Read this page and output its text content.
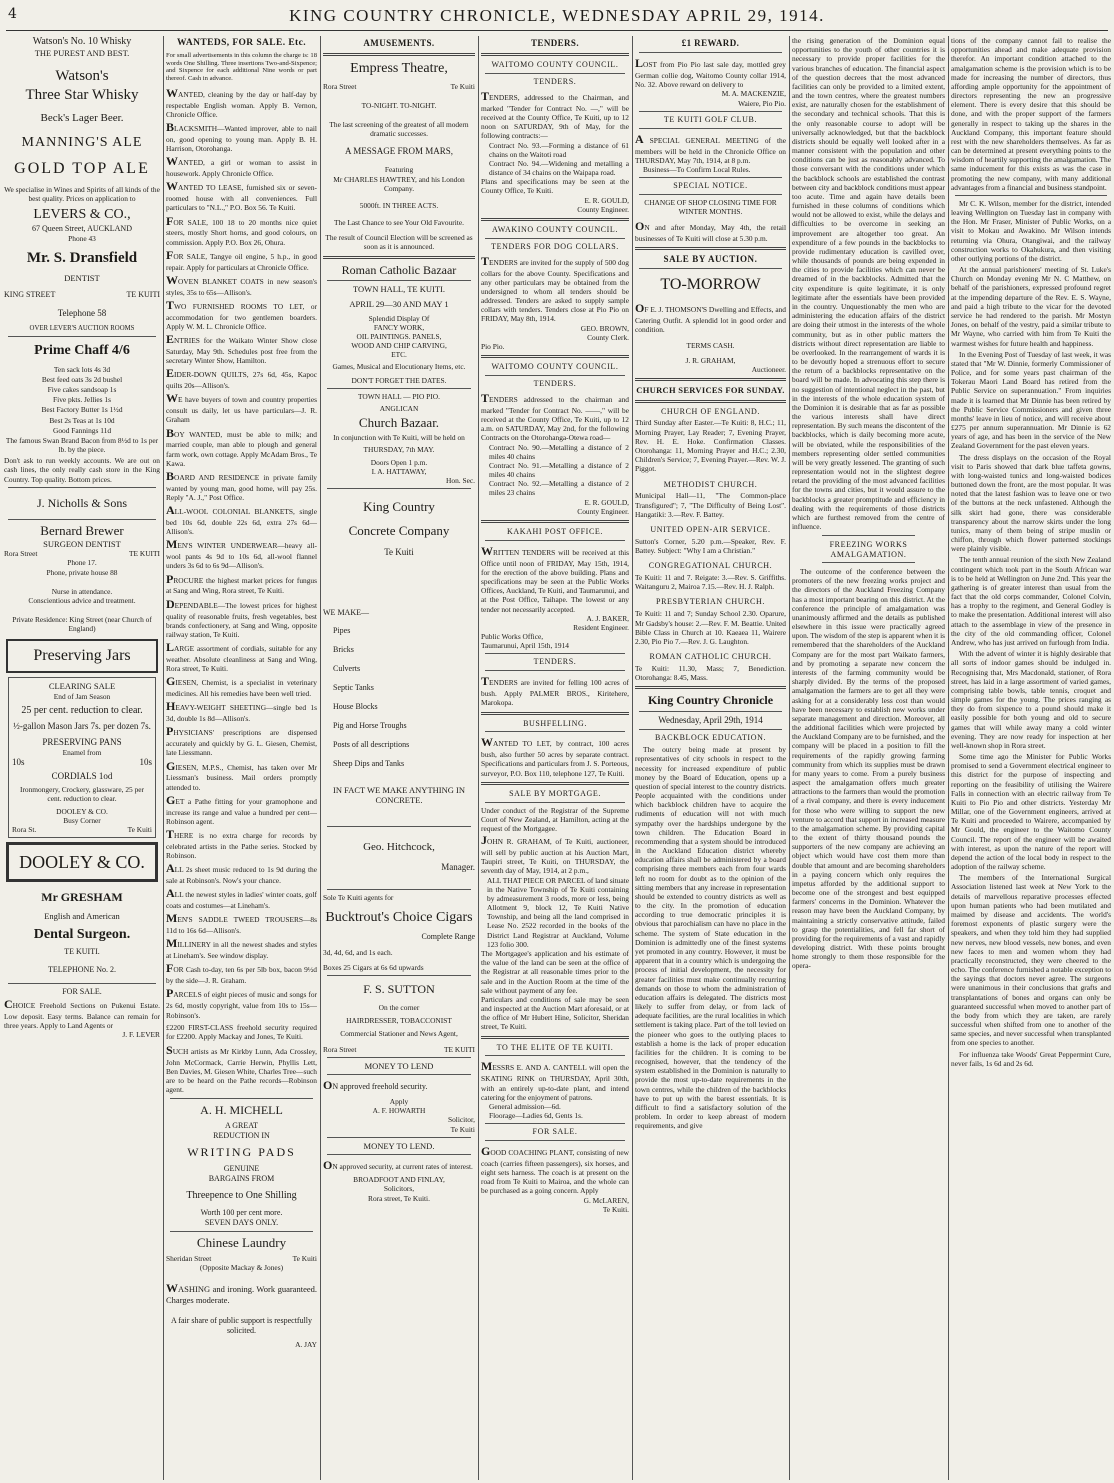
4	KING COUNTRY CHRONICLE, WEDNESDAY APRIL 29, 1914.
Watson's No. 10 Whisky
THE PUREST AND BEST.
Watson's
Three Star Whisky
Beck's Lager Beer.
MANNING'S ALE
GOLD TOP ALE
We specialise in Wines and Spirits of all kinds of the best quality. Prices on application to
LEVERS & CO.,
67 Queen Street, AUCKLAND
Phone 43
Mr. S. Dransfield
DENTIST
KING STREET	TE KUITI
Telephone 58
OVER LEVER'S AUCTION ROOMS
Prime Chaff 4/6
Ten sack lots 4s 3d
Best feed oats 3s 2d bushel
Five cakes sandsoap 1s
Five pkts. Jellies 1s
Best Factory Butter 1s 1½d
Best 2s Teas at 1s 10d
Good Fannings 11d
The famous Swan Brand Bacon from 8½d to 1s per lb. by the piece.
Don't ask to run weekly accounts. We are out on cash lines, the only really cash store in the King Country. Top quality. Bottom prices.
J. Nicholls & Sons
Bernard Brewer
SURGEON DENTIST
Rora Street	TE KUITI
Phone 17.
Phone, private house 88
Nurse in attendance.
Conscientious advice and treatment.
Private Residence: King Street (near Church of England)
Preserving Jars
CLEARING SALE
End of Jam Season
25 per cent. reduction to clear.
½-gallon Mason Jars 7s. per dozen 7s.
PRESERVING PANS
Enamel from
10s	10s
CORDIALS 1od
Ironmongery, Crockery, glassware, 25 per cent. reduction to clear.
DOOLEY & CO.
Busy Corner
Rora St.	Te Kuiti
DOOLEY & CO.
Mr GRESHAM
English and American
Dental Surgeon.
TE KUITI.
TELEPHONE No. 2.
FOR SALE.
CHOICE Freehold Sections on Pukenui Estate. Low deposit. Easy terms. Balance can remain for three years. Apply to Land Agents or
J. F. LEVER
WANTEDS, FOR SALE. Etc.
For small advertisements in this column the charge is: 18 words One Shilling. Three insertions Two-and-Sixpence; and Sixpence for each additional Nine words or part thereof. Cash in advance.
WANTED, cleaning by the day or half-day by respectable English woman. Apply B. Vernon, Chronicle Office.
BLACKSMITH—Wanted improver, able to nail on, good opening to young man. Apply B. H. Harrison, Otorohanga.
WANTED, a girl or woman to assist in housework. Apply Chronicle Office.
WANTED TO LEASE, furnished six or seven-roomed house with all conveniences. Full particulars to "N.L.," P.O. Box 56. Te Kuiti.
FOR SALE, 100 18 to 20 months nice quiet steers, mostly Short horns, and good colours, on commission. Apply P.O. Box 26, Ohura.
FOR SALE, Tangye oil engine, 5 h.p., in good repair. Apply for particulars at Chronicle Office.
WOVEN BLANKET COATS in new season's styles, 35s to 65s—Allison's.
TWO FURNISHED ROOMS TO LET, or accommodation for two gentlemen boarders. Apply W. M. L. Chronicle Office.
ENTRIES for the Waikato Winter Show close Saturday, May 9th. Schedules post free from the secretary Winter Show, Hamilton.
EIDER-DOWN QUILTS, 27s 6d, 45s, Kapoc quilts 20s—Allison's.
WE have buyers of town and country properties consult us daily, let us have particulars—J. R. Graham
BOY WANTED, must be able to milk; and married couple, man able to plough and general farm work, own cottage. Apply McAdam Bros., Te Kawa.
BOARD AND RESIDENCE in private family wanted by young man, good home, will pay 25s. Reply "A. J.," Post Office.
ALL-WOOL COLONIAL BLANKETS, single bed 10s 6d, double 22s 6d, extra 27s 6d—Allison's.
MEN'S WINTER UNDERWEAR—heavy all-wool pants 4s 9d to 10s 6d, all-wool flannel unders 3s 6d to 6s 9d—Allison's.
PROCURE the highest market prices for fungus at Sang and Wing, Rora street, Te Kuiti.
DEPENDABLE—The lowest prices for highest quality of reasonable fruits, fresh vegetables, best brands confectionery, at Sang and Wing, opposite railway station, Te Kuiti.
LARGE assortment of cordials, suitable for any weather. Absolute cleanliness at Sang and Wing, Rora street, Te Kuiti.
GIESEN, Chemist, is a specialist in veterinary medicines. All his remedies have been well tried.
HEAVY-WEIGHT SHEETING—single bed 1s 3d, double 1s 8d—Allison's.
PHYSICIANS' prescriptions are dispensed accurately and quickly by G. L. Giesen, Chemist, late Liessmann.
GIESEN, M.P.S., Chemist, has taken over Mr Liessman's business. Mail orders promptly attended to.
GET a Pathe fitting for your gramophone and increase its range and value a hundred per cent—Robinson agent.
THERE is no extra charge for records by celebrated artists in the Pathe series. Stocked by Robinson.
ALL 2s sheet music reduced to 1s 9d during the sale at Robinson's. Now's your chance.
ALL the newest styles in ladies' winter coats, golf coats and costumes—at Lineham's.
MEN'S SADDLE TWEED TROUSERS—8s 11d to 16s 6d—Allison's.
MILLINERY in all the newest shades and styles at Lineham's. See window display.
FOR Cash to-day, ten 6s per 5lb box, bacon 9½d by the side—J. R. Graham.
PARCELS of eight pieces of music and songs for 2s 6d, mostly copyright, value from 10s to 15s—Robinson's.
£2200 FIRST-CLASS freehold security required for £2200. Apply Mackay and Jones, Te Kuiti.
SUCH artists as Mr Kirkby Lunn, Ada Crossley, John McCormack, Carrie Herwin, Phyllis Lett, Ben Davies, M. Giesen White, Charles Tree—such are to be heard on the Pathe records—Robinson agent.
A. H. MICHELL
A GREAT
REDUCTION IN
WRITING PADS
GENUINE
BARGAINS FROM
Threepence to One Shilling
Worth 100 per cent more.
SEVEN DAYS ONLY.
Chinese Laundry
Sheridan Street	Te Kuiti
(Opposite Mackay & Jones)
WASHING and ironing. Work guaranteed. Charges moderate.
A fair share of public support is respectfully solicited.
A. JAY
AMUSEMENTS.
Empress Theatre,
Rora Street	Te Kuiti
TO-NIGHT. TO-NIGHT.
The last screening of the greatest of all modern dramatic successes.
A MESSAGE FROM MARS,
Featuring
Mr CHARLES HAWTREY, and his London Company.
5000ft. IN THREE ACTS.
The Last Chance to see Your Old Favourite.
The result of Council Election will be screened as soon as it is announced.
Roman Catholic Bazaar
TOWN HALL, TE KUITI.
APRIL 29—30 AND MAY 1
Splendid Display Of
FANCY WORK,
OIL PAINTINGS. PANELS,
WOOD AND CHIP CARVING,
ETC.
Games, Musical and Elocutionary Items, etc.
DON'T FORGET THE DATES.
TOWN HALL — PIO PIO.
ANGLICAN
Church Bazaar.
In conjunction with Te Kuiti, will be held on
THURSDAY, 7th MAY.
Doors Open 1 p.m.
I. A. HATTAWAY,
Hon. Sec.
King Country
Concrete Company
Te Kuiti
WE MAKE—
Pipes
Bricks
Culverts
Septic Tanks
House Blocks
Pig and Horse Troughs
Posts of all descriptions
Sheep Dips and Tanks
IN FACT WE MAKE ANYTHING IN CONCRETE.
Geo. Hitchcock,
Manager.
Sole Te Kuiti agents for
Bucktrout's Choice Cigars
Complete Range
3d, 4d, 6d, and 1s each.
Boxes 25 Cigars at 6s 6d upwards
F. S. SUTTON
On the corner
HAIRDRESSER, TOBACCONIST
Commercial Stationer and News Agent,
Rora Street	TE KUITI
MONEY TO LEND
ON approved freehold security.
Apply
A. F. HOWARTH
Solicitor,
Te Kuiti
MONEY TO LEND.
ON approved security, at current rates of interest.
BROADFOOT AND FINLAY,
Solicitors,
Rora street, Te Kuiti.
TENDERS.
WAITOMO COUNTY COUNCIL.
TENDERS.
TENDERS, addressed to the Chairman, and marked "Tender for Contract No. —," will be received at the County Office, Te Kuiti, up to 12 noon on SATURDAY, 9th of May, for the following contracts:—
Contract No. 93.—Forming a distance of 61 chains on the Waitoti road
Contract No. 94.—Widening and metalling a distance of 34 chains on the Waipapa road.
Plans and specifications may be seen at the County Office, Te Kuiti.
E. R. GOULD,
County Engineer.
AWAKINO COUNTY COUNCIL.
TENDERS FOR DOG COLLARS.
TENDERS are invited for the supply of 500 dog collars for the above County. Specifications and any other particulars may be obtained from the undersigned to whom all tenders should be addressed. Tenders are asked to supply sample collars with tenders. Tenders close at Pio Pio on FRIDAY, May 8th, 1914.
GEO. BROWN,
County Clerk.
Pio Pio.
WAITOMO COUNTY COUNCIL.
TENDERS.
TENDERS addressed to the chairman and marked "Tender for Contract No. ——," will be received at the County Office, Te Kuiti, up to 12 a.m. on SATURDAY, May 2nd, for the following Contracts on the Otorohanga-Otewa road—
Contract No. 90.—Metalling a distance of 2 miles 40 chains
Contract No. 91.—Metalling a distance of 2 miles 40 chains
Contract No. 92.—Metalling a distance of 2 miles 23 chains
E. R. GOULD,
County Engineer.
KAKAHI POST OFFICE.
WRITTEN TENDERS will be received at this Office until noon of FRIDAY, May 15th, 1914, for the erection of the above building. Plans and specifications may be seen at the Public Works Offices, Auckland, Te Kuiti, and Taumarunui, and at the Post Office, Taihape. The lowest or any tender not necessarily accepted.
A. J. BAKER,
Resident Engineer.
Public Works Office,
Taumarunui, April 15th, 1914
TENDERS.
TENDERS are invited for felling 100 acres of bush. Apply PALMER BROS., Kiritehere, Marokopa.
BUSHFELLING.
WANTED TO LET, by contract, 100 acres bush, also further 50 acres by separate contract. Specifications and particulars from J. S. Porteous, surveyor, P.O. Box 110, telephone 127, Te Kuiti.
SALE BY MORTGAGE.
Under conduct of the Registrar of the Supreme Court of New Zealand, at Hamilton, acting at the request of the Mortgagee.
JOHN R. GRAHAM, of Te Kuiti, auctioneer, will sell by public auction at his Auction Mart, Taupiri street, Te Kuiti, on THURSDAY, the seventh day of May, 1914, at 2 p.m.,
ALL THAT PIECE OR PARCEL of land situate in the Native Township of Te Kuiti containing by admeasurement 3 roods, more or less, being Allotment 9, block 12, Te Kuiti Native Township, and being all the land comprised in Lease No. 2522 recorded in the books of the District Land Registrar at Auckland, Volume 123 folio 300.
The Mortgagee's application and his estimate of the value of the land can be seen at the office of the Registrar at all reasonable times prior to the sale and in the Auction Room at the time of the sale without payment of any fee.
Particulars and conditions of sale may be seen and inspected at the Auction Mart aforesaid, or at the office of Mr Hubert Hine, Solicitor, Sheridan street, Te Kuiti.
TO THE ELITE OF TE KUITI.
MESSRS E. AND A. CANTELL will open the SKATING RINK on THURSDAY, April 30th, with an entirely up-to-date plant, and intend catering for the enjoyment of patrons.
General admission—6d.
Floorage—Ladies 6d, Gents 1s.
FOR SALE.
GOOD COACHING PLANT, consisting of new coach (carries fifteen passengers), six horses, and eight sets harness. The coach is at present on the road from Te Kuiti to Mairoa, and the whole can be purchased as a going concern. Apply
G. McLAREN,
Te Kuiti.
£1 REWARD.
LOST from Pio Pio last sale day, mottled grey German collie dog, Waitomo County collar 1914, No. 32. Above reward on delivery to
M. A. MACKENZIE,
Waiere, Pio Pio.
TE KUITI GOLF CLUB.
A SPECIAL GENERAL MEETING of the members will be held in the Chronicle Office on THURSDAY, May 7th, 1914, at 8 p.m.
Business—To Confirm Local Rules.
SPECIAL NOTICE.
CHANGE OF SHOP CLOSING TIME FOR WINTER MONTHS.
ON and after Monday, May 4th, the retail businesses of Te Kuiti will close at 5.30 p.m.
SALE BY AUCTION.
TO-MORROW
OF E. J. THOMSON'S Dwelling and Effects, and Catering Outfit. A splendid lot in good order and condition.
TERMS CASH.
J. R. GRAHAM,
Auctioneer.
CHURCH SERVICES FOR SUNDAY.
CHURCH OF ENGLAND.
Third Sunday after Easter.—Te Kuiti: 8, H.C.; 11, Morning Prayer, Lay Reader; 7, Evening Prayer, Rev. H. E. Hoke. Confirmation Classes. Otorohanga: 11, Morning Prayer and H.C.; 2.30, Children's Service; 7, Evening Prayer.—Rev. W. J. Piggot.
METHODIST CHURCH.
Municipal Hall—11, "The Common-place Transfigured"; 7, "The Difficulty of Being Lost". Hangatiki: 3.—Rev. F. Battey.
UNITED OPEN-AIR SERVICE.
Sutton's Corner, 5.20 p.m.—Speaker, Rev. F. Battey. Subject: "Why I am a Christian."
CONGREGATIONAL CHURCH.
Te Kuiti: 11 and 7. Reigate: 3.—Rev. S. Griffiths. Waitanguru 2, Mairoa 7.15.—Rev. H. J. Ralph.
PRESBYTERIAN CHURCH.
Te Kuiti: 11 and 7; Sunday School 2.30. Oparure, Mr Gadsby's house: 2.—Rev. F. M. Beattie. United Bible Class in Church at 10. Kaeaea 11, Wairere 2.30, Pio Pio 7.—Rev. J. G. Laughton.
ROMAN CATHOLIC CHURCH.
Te Kuiti: 11.30, Mass; 7, Benediction. Otorohanga: 8.45, Mass.
King Country Chronicle
Wednesday, April 29th, 1914
BACKBLOCK EDUCATION.
The outcry being made at present by representatives of city schools in respect to the necessity for increased expenditure of public money by the Board of Education, opens up a question of special interest to the country districts. People acquainted with the conditions under which backblock children have to acquire the rudiments of education will not with much sympathy over the hardships undergone by the town children. The Education Board in recommending that a system should be introduced in the Auckland Education district whereby education affairs shall be administered by a board comprising three members each from four wards left no room for doubt as to the opinion of the sitting members that any increase in representation should be extended to country districts as well as to the city. In the promotion of education according to true democratic principles it is obvious that parochialism can have no place in the scheme. The system of State education in the Dominion is admittedly one of the finest systems yet promoted in any country. However, it must be apparent that in a country which is undergoing the process of initial development, the necessity for greater facilities must make continually recurring demands on those to whom the administration of education affairs is delegated. The districts most likely to suffer from delay, or from lack of adequate facilities, are the rural localities in which settlement is taking place. Part of the toll levied on the pioneer who goes to the outlying places to establish a home is the lack of proper education facilities for the children. It is coming to be recognised, however, that the tendency of the system established in the Dominion is naturally to provide the most up-to-date requirements in the town centres, while the children of the backblocks have to put up with the barest essentials. It is difficult to find a satisfactory solution of the problem. In order to keep abreast of modern requirements, and give
the rising generation of the Dominion equal opportunities to the youth of other countries it is necessary to provide proper facilities for the various branches of education. The financial aspect of the question decrees that the most advanced facilities can only be provided to a limited extent, and the town centres, where the greatest numbers exist, are naturally chosen for the establishment of the secondary and technical schools. That this is the only reasonable course to adopt will be universally acknowledged, but that the backblock districts should be equally well looked after in a manner consistent with the population and other conditions can be just as reasonably advanced. To those conversant with the conditions under which the backblock schools are established the contrast between city and backblock conditions must appear too acute. Time and again have details been furnished in these columns of conditions which would not be allowed to exist, while the delays and difficulties to be overcome in seeking an improvement are altogether too great. An expenditure of a few pounds in the backblocks to provide rudimentary education is cavilled over, while thousands of pounds are being expended in the cities to provide facilities which can never be dreamed of in the backblocks. Admitted that the city expenditure is quite legitimate, it is only legitimate after the essentials have been provided in the country. Unquestionably the men who are administering the education affairs of the district are doing their utmost in the interests of the whole community, but as in other public matters the districts without direct representation are liable to be overlooked. In the rearrangement of wards it is to be devoutly hoped a strenuous effort to secure the return of a backblocks representative on the board will be made. In advocating this step there is no suggestion of intentional neglect in the past, but in the interests of the whole education system of the Dominion it is desirable that as far as possible the various interests shall have direct representation. By such means the discontent of the backblocks, which is daily becoming more acute, will be obviated, while the responsibilities of the members representing older settled communities will be very greatly lessened. The granting of such representation would not in the slightest degree retard the providing of the most advanced facilities for the towns and cities, but it would assure to the backblocks a greater promptitude and efficiency in dealing with the requirements of those districts which are furthest removed from the centre of influence.
FREEZING WORKS AMALGAMATION.
The outcome of the conference between the promoters of the new freezing works project and the directors of the Auckland Freezing Company has a most important bearing on this district. At the conference the principle of amalgamation was unanimously affirmed and the details as published elsewhere in this issue were practically agreed upon. The wisdom of the step is apparent when it is remembered that the shareholders of the Auckland Company are for the most part Waikato farmers, and by promoting a separate new concern the interests of the farming community would be sharply divided. By the terms of the proposed amalgamation the farmers are to get all they were asking for at a considerably less cost than would have been necessary to establish new works under separate management and direction. Moreover, all the additional facilities which were projected by the Auckland Company are to be furnished, and the company will be placed in a position to fill the requirements of the rapidly growing farming community from which its supplies must be drawn for many years to come. From a purely business aspect the amalgamation offers much greater attractions to the farmers than would the promotion of a rival company, and there is every inducement for those who were willing to support the new venture to accord that support in increased measure to the amalgamation scheme. By providing capital to the extent of thirty thousand pounds the supporters of the new company are achieving an object which would have cost them more than double that amount and are becoming shareholders in a paying concern which only requires the impetus afforded by the additional support to become one of the strongest and best equipped farmers' concerns in the Dominion. Whatever the reason may have been the Auckland Company, by maintaining a strictly conservative attitude, failed to grasp the potentialities, and fell far short of providing for the requirements of a vast and rapidly developing district. With these points brought home strongly to them those responsible for the opera-
tions of the company cannot fail to realise the opportunities ahead and make adequate provision therefor. An important condition attached to the amalgamation scheme is the provision which is to be made for increasing the number of directors, thus affording ample opportunity for the appointment of directors representing the new an progressive element. There is every desire that this should be done, and with the proper support of the farmers generally in respect to taking up the shares in the Auckland Company, this important feature should rest with the new shareholders themselves. As far as can be determined at present everything points to the wisdom of heartily supporting the amalgamation. The same inducement for this exists as was the case in promoting the new company, with many additional advantages from a financial and business standpoint.
Mr C. K. Wilson, member for the district, intended leaving Wellington on Tuesday last in company with the Hon. Mr Fraser, Minister of Public Works, on a visit to Mokau and Awakino. Mr Wilson intends returning via Ohura, Otangiwai, and the railway construction works to Okahukura, and then visiting other outlying portions of the district.
At the annual parishioners' meeting of St. Luke's Church on Monday evening Mr N. C Matthew, on behalf of the parishioners, expressed profound regret at the impending departure of the Rev. E. S. Wayne, and paid a high tribute to the vicar for the devoted service he had rendered to the parish. Mr Mostyn Jones, on behalf of the vestry, paid a similar tribute to Mr Wayne, who carried with him from Te Kuiti the warmest wishes for future health and happiness.
In the Evening Post of Tuesday of last week, it was stated that "Mr W. Dinnie, formerly Commissioner of Police, and for some years past chairman of the Tokerau Maori Land Board has retired from the Public Service on superannuation." From inquiries made it is learned that Mr Dinnie has been retired by the Public Service Commissioners and given three months' leave in lieu of notice, and will receive about £275 per annum superannuation. Mr Dinnie is 62 years of age, and has been in the service of the New Zealand Government for the past eleven years.
The dress displays on the occasion of the Royal visit to Paris showed that dark blue taffeta gowns, with long-waisted tunics and long-waisted bodices buttoned down the front, are the most popular. It was noted that the latest fashion was to leave one or two of the buttons at the neck unfastened. Although the silk skirt had gone, there was considerable transparency about the narrow skirts under the long tunics, many of them being of stripe muslin or chiffon, through which flower patterned stockings were plainly visible.
The tenth annual reunion of the sixth New Zealand contingent which took part in the South African war is to be held at Wellington on June 2nd. This year the gathering is of greater interest than usual from the fact that the old corps commander, Colonel Colvin, has a trophy to the regiment, and General Godley is to make the presentation. Additional interest will also attach to the assemblage in view of the presence in the city of the old commanding officer, Colonel Andrew, who has just arrived on furlough from India.
With the advent of winter it is highly desirable that all sorts of indoor games should be indulged in. Recognising that, Mrs Macdonald, stationer, of Rora street, has laid in a large assortment of varied games, comprising table bowls, table tennis, croquet and simple games for the young. The prices ranging as they do from sixpence to a pound should make it easily possible for both young and old to secure games that will while away many a cold winter evening. They are now ready for inspection at her well-known shop in Rora street.
Some time ago the Minister for Public Works promised to send a Government electrical engineer to this district for the purpose of inspecting and reporting on the feasibility of utilising the Wairere Falls in connection with an electric railway from Te Kuiti to Pio Pio and other districts. Yesterday Mr Millar, one of the Government engineers, arrived at Te Kuiti and proceeded to Wairere, accompanied by Mr Gould, the engineer to the Waitomo County Council. The report of the engineer will be awaited with interest, as upon the nature of the report will depend the action of the local body in respect to the adoption of the railway scheme.
The members of the International Surgical Association listened last week at New York to the details of marvellous reparative processes effected upon human patients who had been mutilated and maimed by disease and accidents. The world's foremost exponents of plastic surgery were the speakers, and when they told him they had supplied new nerves, new blood vessels, new bones, and even new faces to men and women whom they had practically reconstructed, they were cheered to the echo. The conference furnished a notable exception to the sayings that doctors never agree. The surgeons were unanimous in their conclusions that grafts and transplantations of bones and organs can only be guaranteed successful when moved to another part of the body from which they are taken, are rarely successful when shifted from one to another of the same species, and never successful when transplanted from one species to another.
For influenza take Woods' Great Peppermint Cure, never fails, 1s 6d and 2s 6d.
